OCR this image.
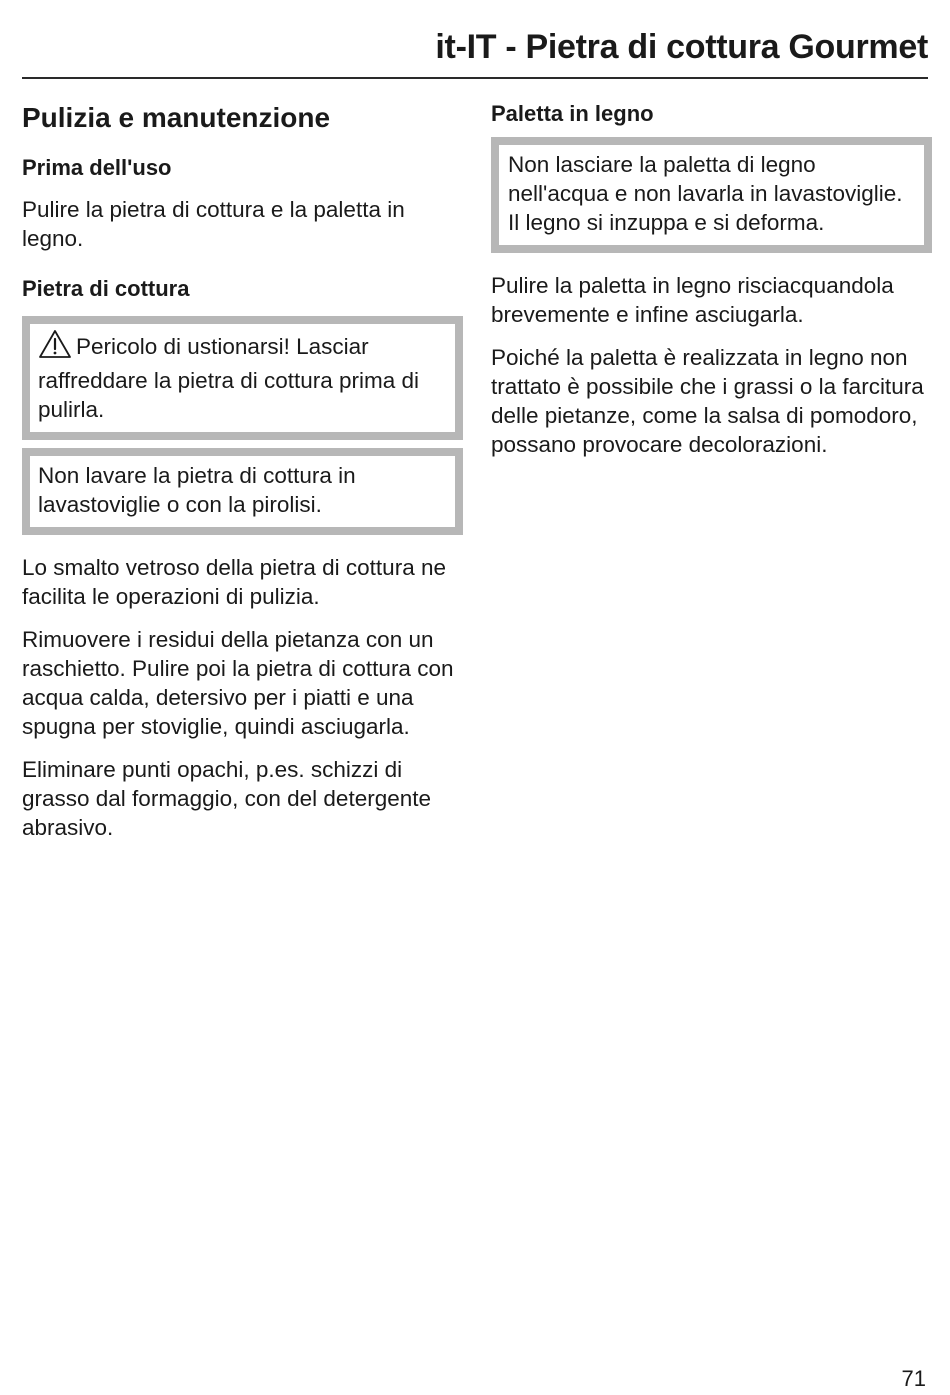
it-IT - Pietra di cottura Gourmet
Pulizia e manutenzione
Prima dell'uso

Pulire la pietra di cottura e la paletta in legno.

Pietra di cottura
Pericolo di ustionarsi! Lasciar raffreddare la pietra di cottura prima di pulirla.
Non lavare la pietra di cottura in lavastoviglie o con la pirolisi.

Lo smalto vetroso della pietra di cottura ne facilita le operazioni di pulizia.

Rimuovere i residui della pietanza con un raschietto. Pulire poi la pietra di cottura con acqua calda, detersivo per i piatti e una spugna per stoviglie, quindi asciugarla.

Eliminare punti opachi, p.es. schizzi di grasso dal formaggio, con del detergente abrasivo.

Paletta in legno
Non lasciare la paletta di legno nell'acqua e non lavarla in lavastoviglie. Il legno si inzuppa e si deforma.

Pulire la paletta in legno risciacquandola brevemente e infine asciugarla.

Poiché la paletta è realizzata in legno non trattato è possibile che i grassi o la farcitura delle pietanze, come la salsa di pomodoro, possano provocare decolorazioni.

71
